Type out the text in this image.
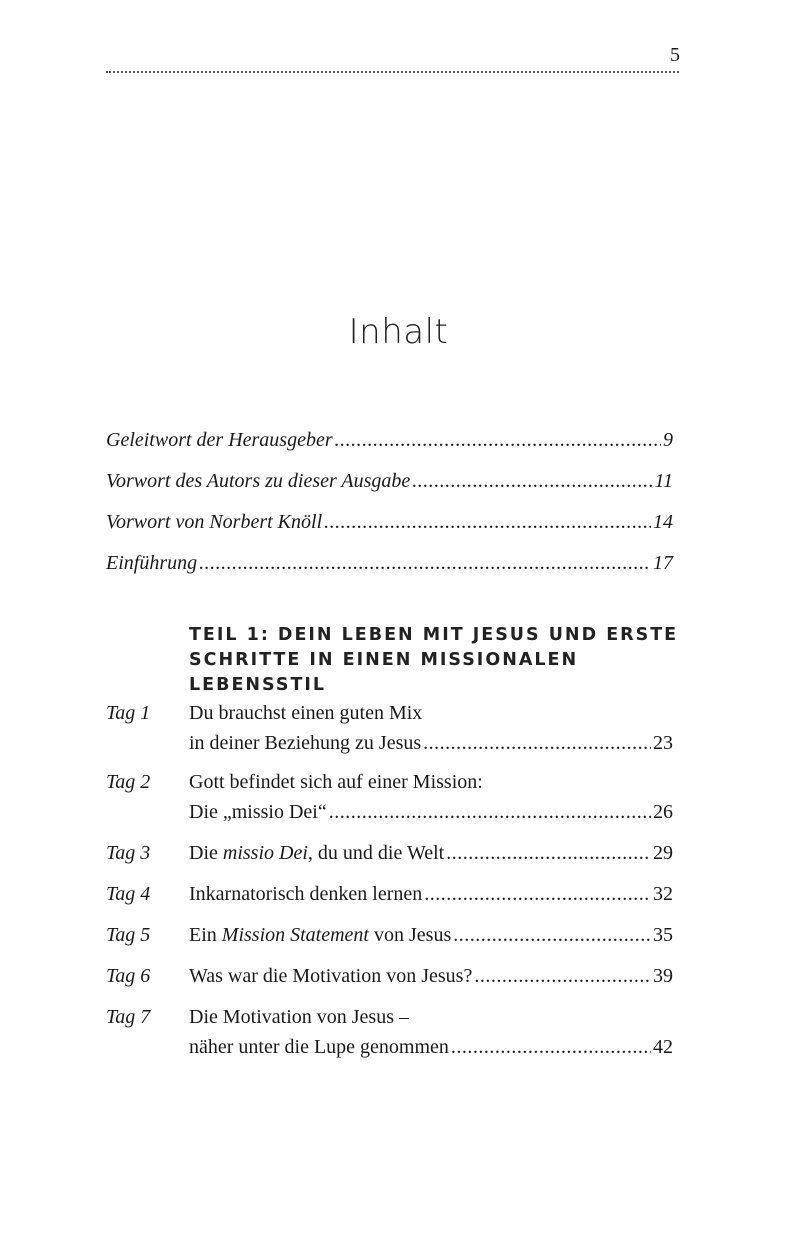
5
Inhalt
Geleitwort der Herausgeber .....	9
Vorwort des Autors zu dieser Ausgabe .....	11
Vorwort von Norbert Knöll .....	14
Einführung .....	17
TEIL 1: DEIN LEBEN MIT JESUS UND ERSTE
SCHRITTE IN EINEN MISSIONALEN LEBENSSTIL
Tag 1 Du brauchst einen guten Mix
in deiner Beziehung zu Jesus .....	23
Tag 2 Gott befindet sich auf einer Mission:
Die „missio Dei“ .....	26
Tag 3 Die missio Dei, du und die Welt .....	29
Tag 4 Inkarnatorisch denken lernen .....	32
Tag 5 Ein Mission Statement von Jesus .....	35
Tag 6 Was war die Motivation von Jesus? .....	39
Tag 7 Die Motivation von Jesus –
näher unter die Lupe genommen .....	42
